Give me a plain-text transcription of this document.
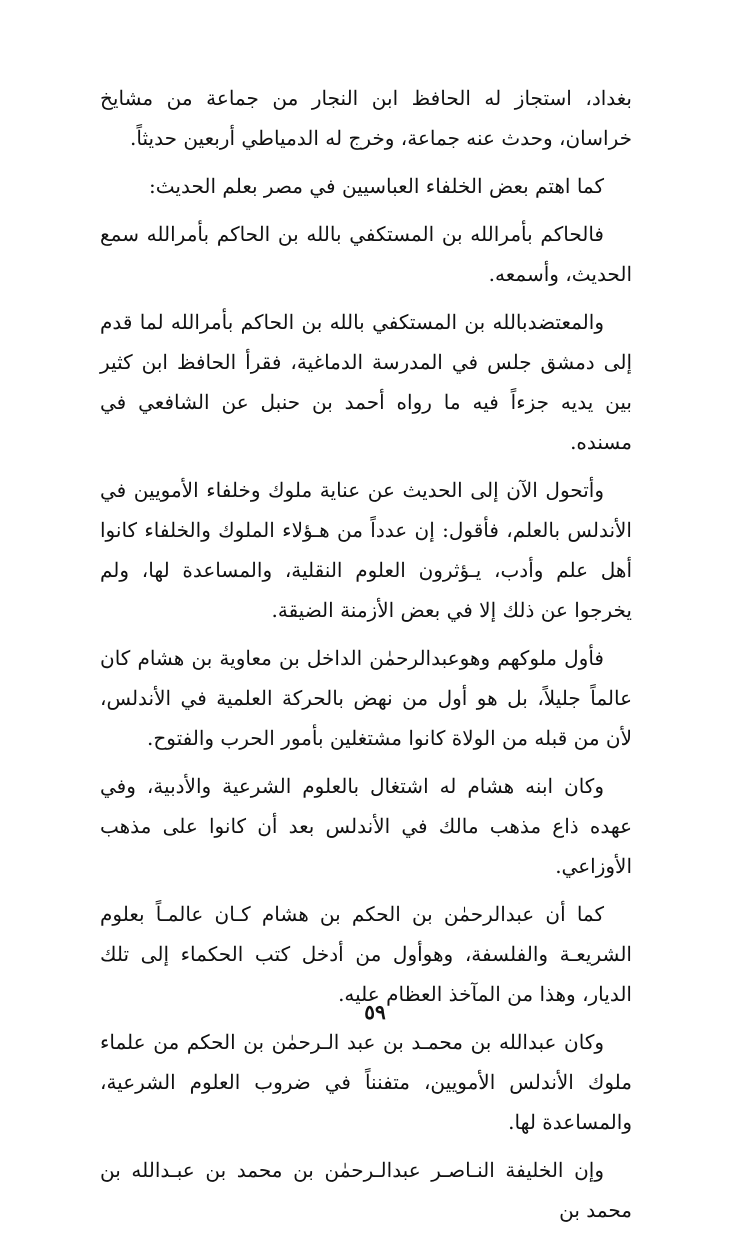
بغداد، استجاز له الحافظ ابن النجار من جماعة من مشايخ خراسان، وحدث عنه جماعة، وخرج له الدمياطي أربعين حديثاً.

كما اهتم بعض الخلفاء العباسيين في مصر بعلم الحديث:

فالحاكم بأمرالله بن المستكفي بالله بن الحاكم بأمرالله سمع الحديث، وأسمعه.

والمعتضدبالله بن المستكفي بالله بن الحاكم بأمرالله لما قدم إلى دمشق جلس في المدرسة الدماغية، فقرأ الحافظ ابن كثير بين يديه جزءاً فيه ما رواه أحمد بن حنبل عن الشافعي في مسنده.

وأتحول الآن إلى الحديث عن عناية ملوك وخلفاء الأمويين في الأندلس بالعلم، فأقول: إن عدداً من هـؤلاء الملوك والخلفاء كانوا أهل علم وأدب، يـؤثرون العلوم النقلية، والمساعدة لها، ولم يخرجوا عن ذلك إلا في بعض الأزمنة الضيقة.

فأول ملوكهم وهوعبدالرحمٰن الداخل بن معاوية بن هشام كان عالماً جليلاً، بل هو أول من نهض بالحركة العلمية في الأندلس، لأن من قبله من الولاة كانوا مشتغلين بأمور الحرب والفتوح.

وكان ابنه هشام له اشتغال بالعلوم الشرعية والأدبية، وفي عهده ذاع مذهب مالك في الأندلس بعد أن كانوا على مذهب الأوزاعي.

كما أن عبدالرحمٰن بن الحكم بن هشام كـان عالمـاً بعلوم الشريعـة والفلسفة، وهوأول من أدخل كتب الحكماء إلى تلك الديار، وهذا من المآخذ العظام عليه.

وكان عبدالله بن محمـد بن عبد الـرحمٰن بن الحكم من علماء ملوك الأندلس الأمويين، متفنناً في ضروب العلوم الشرعية، والمساعدة لها.

وإن الخليفة النـاصـر عبدالـرحمٰن بن محمد بن عبـدالله بن محمد بن

٥٩
